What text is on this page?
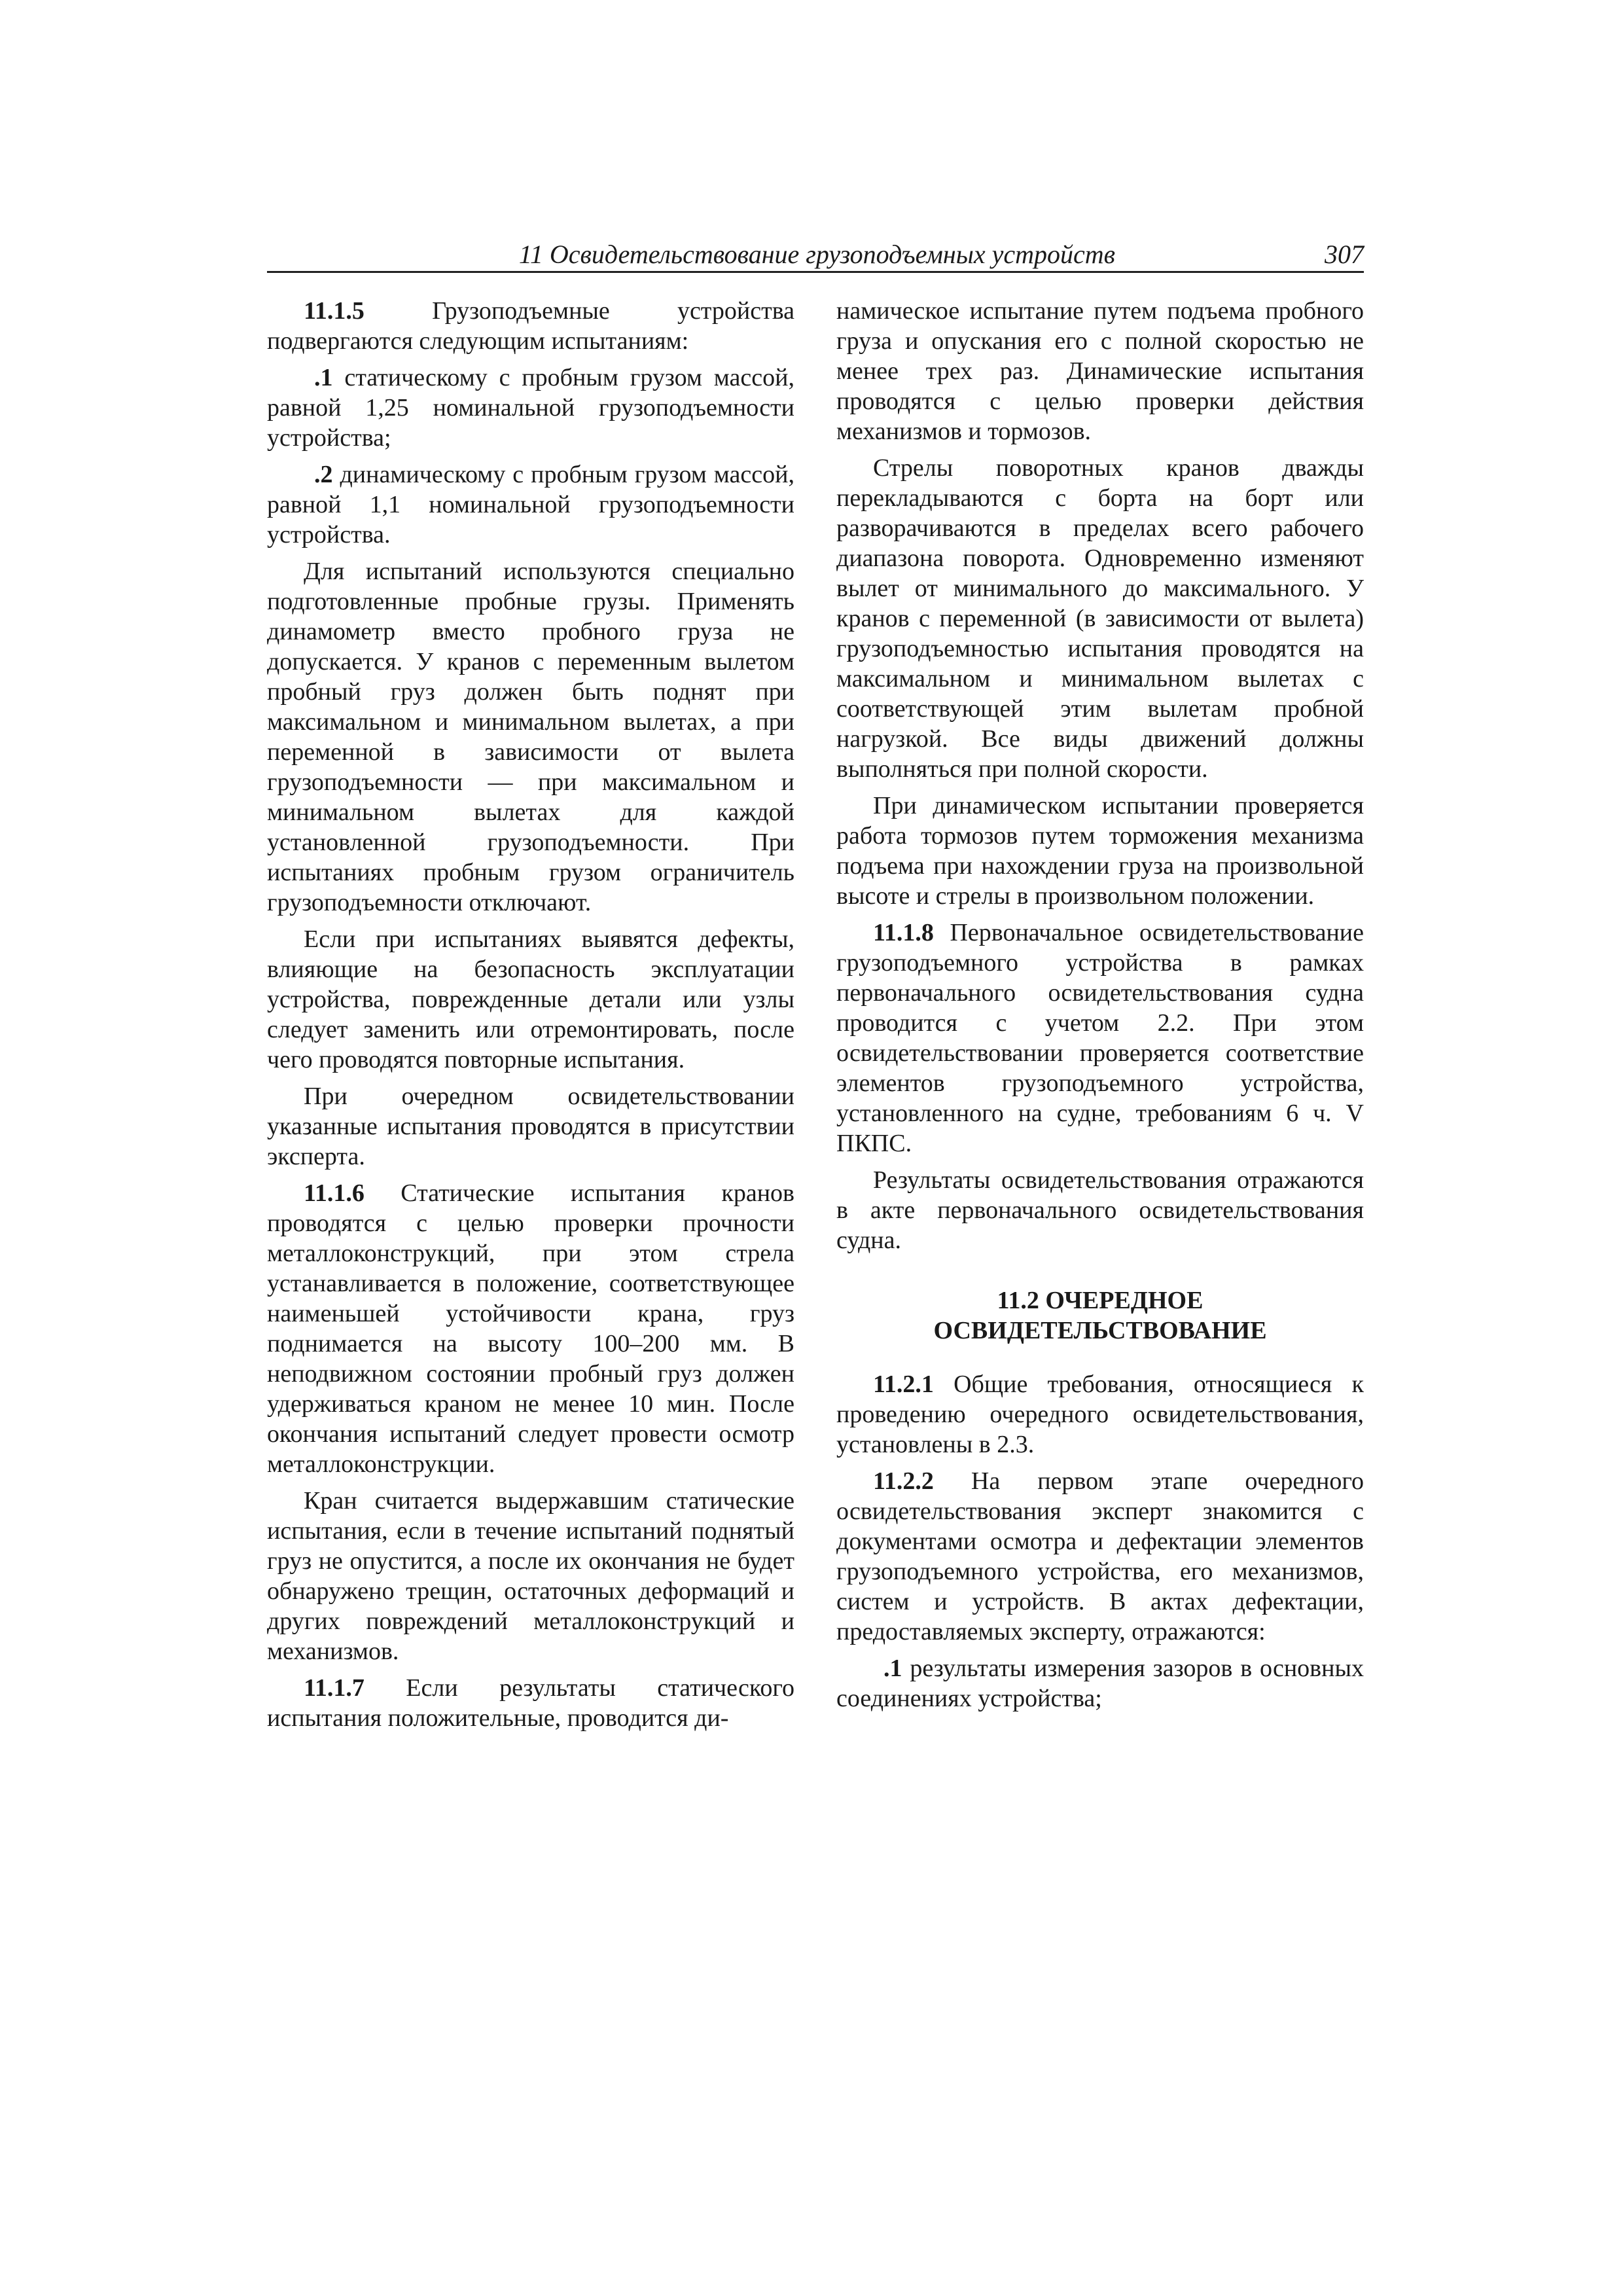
11 Освидетельствование грузоподъемных устройств	307

11.1.5	Грузоподъемные устройства подвергаются следующим испытаниям:

.1 статическому с пробным грузом массой, равной 1,25 номинальной грузоподъемности устройства;

.2 динамическому с пробным грузом массой, равной 1,1 номинальной грузоподъемности устройства.

Для испытаний используются специально подготовленные пробные грузы. Применять динамометр вместо пробного груза не допускается. У кранов с переменным вылетом пробный груз должен быть поднят при максимальном и минимальном вылетах, а при переменной в зависимости от вылета грузоподъемности — при максимальном и минимальном вылетах для каждой установленной грузоподъемности. При испытаниях пробным грузом ограничитель грузоподъемности отключают.

Если при испытаниях выявятся дефекты, влияющие на безопасность эксплуатации устройства, поврежденные детали или узлы следует заменить или отремонтировать, после чего проводятся повторные испытания.

При очередном освидетельствовании указанные испытания проводятся в присутствии эксперта.

11.1.6 Статические испытания кранов проводятся с целью проверки прочности металлоконструкций, при этом стрела устанавливается в положение, соответствующее наименьшей устойчивости крана, груз поднимается на высоту 100–200 мм. В неподвижном состоянии пробный груз должен удерживаться краном не менее 10 мин. После окончания испытаний следует провести осмотр металлоконструкции.

Кран считается выдержавшим статические испытания, если в течение испытаний поднятый груз не опустится, а после их окончания не будет обнаружено трещин, остаточных деформаций и других повреждений металлоконструкций и механизмов.

11.1.7 Если результаты статического испытания положительные, проводится ди-

намическое испытание путем подъема пробного груза и опускания его с полной скоростью не менее трех раз. Динамические испытания проводятся с целью проверки действия механизмов и тормозов.

Стрелы поворотных кранов дважды перекладываются с борта на борт или разворачиваются в пределах всего рабочего диапазона поворота. Одновременно изменяют вылет от минимального до максимального. У кранов с переменной (в зависимости от вылета) грузоподъемностью испытания проводятся на максимальном и минимальном вылетах с соответствующей этим вылетам пробной нагрузкой. Все виды движений должны выполняться при полной скорости.

При динамическом испытании проверяется работа тормозов путем торможения механизма подъема при нахождении груза на произвольной высоте и стрелы в произвольном положении.

11.1.8 Первоначальное освидетельствование грузоподъемного устройства в рамках первоначального освидетельствования судна проводится с учетом 2.2. При этом освидетельствовании проверяется соответствие элементов грузоподъемного устройства, установленного на судне, требованиям 6 ч. V ПКПС.

Результаты освидетельствования отражаются в акте первоначального освидетельствования судна.

11.2 ОЧЕРЕДНОЕ
ОСВИДЕТЕЛЬСТВОВАНИЕ

11.2.1 Общие требования, относящиеся к проведению очередного освидетельствования, установлены в 2.3.

11.2.2 На первом этапе очередного освидетельствования эксперт знакомится с документами осмотра и дефектации элементов грузоподъемного устройства, его механизмов, систем и устройств. В актах дефектации, предоставляемых эксперту, отражаются:

.1 результаты измерения зазоров в основных соединениях устройства;
